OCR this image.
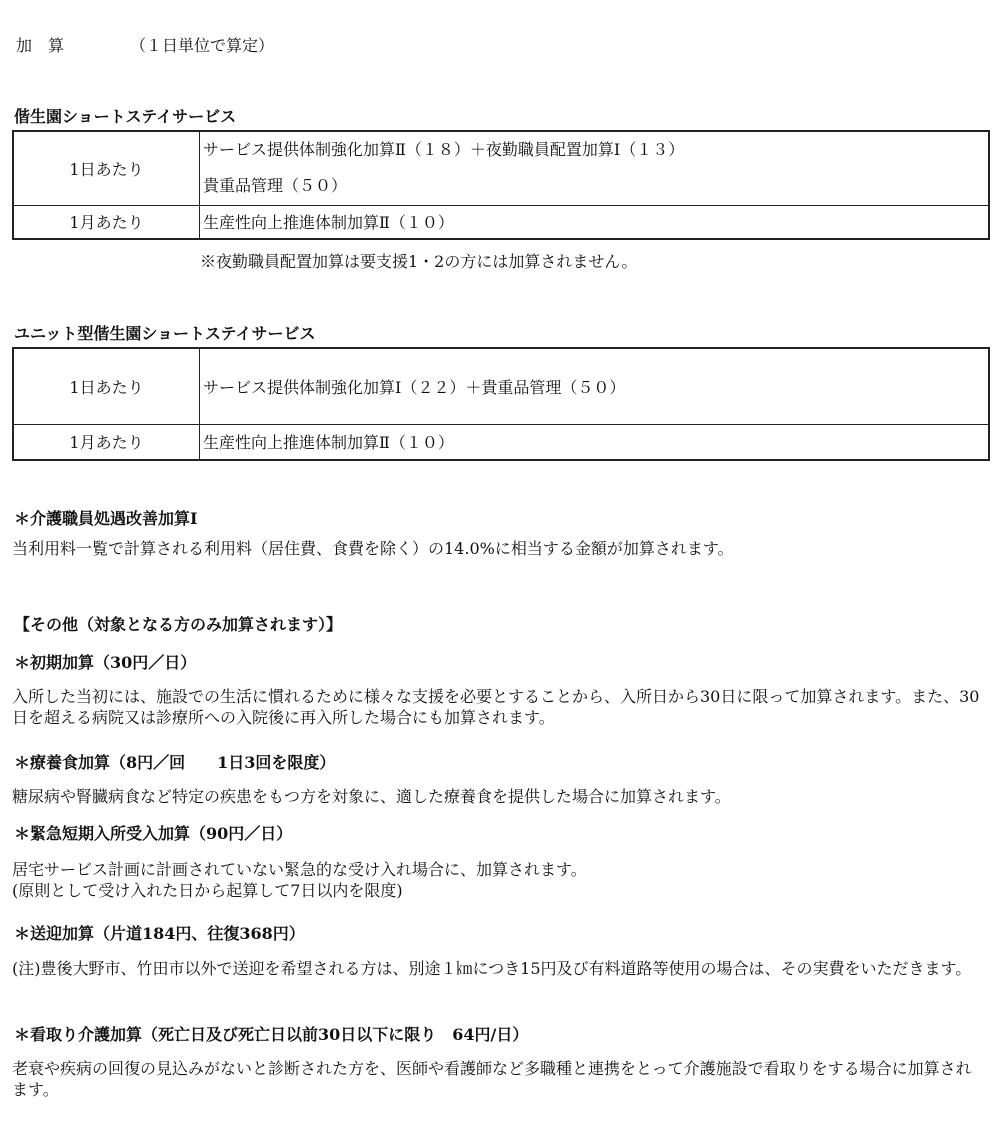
加　算	（１日単位で算定）
偕生園ショートステイサービス
1日あたり	サービス提供体制強化加算Ⅱ（１８）＋夜勤職員配置加算Ⅰ（１３）
貴重品管理（５０）

1月あたり	生産性向上推進体制加算Ⅱ（１０）
※夜勤職員配置加算は要支援1・2の方には加算されません。
ユニット型偕生園ショートステイサービス
1日あたり	サービス提供体制強化加算Ⅰ（２２）＋貴重品管理（５０）

1月あたり	生産性向上推進体制加算Ⅱ（１０）
＊介護職員処遇改善加算Ⅰ
当利用料一覧で計算される利用料（居住費、食費を除く）の14.0%に相当する金額が加算されます。
【その他（対象となる方のみ加算されます）】
＊初期加算（30円／日）
入所した当初には、施設での生活に慣れるために様々な支援を必要とすることから、入所日から30日に限って加算されます。また、30日を超える病院又は診療所への入院後に再入所した場合にも加算されます。
＊療養食加算（8円／回　　1日3回を限度）
糖尿病や腎臓病食など特定の疾患をもつ方を対象に、適した療養食を提供した場合に加算されます。
＊緊急短期入所受入加算（90円／日）
居宅サービス計画に計画されていない緊急的な受け入れ場合に、加算されます。
(原則として受け入れた日から起算して7日以内を限度)
＊送迎加算（片道184円、往復368円）
(注)豊後大野市、竹田市以外で送迎を希望される方は、別途１㎞につき15円及び有料道路等使用の場合は、その実費をいただきます。
＊看取り介護加算（死亡日及び死亡日以前30日以下に限り　64円/日）
老衰や疾病の回復の見込みがないと診断された方を、医師や看護師など多職種と連携をとって介護施設で看取りをする場合に加算されます。
